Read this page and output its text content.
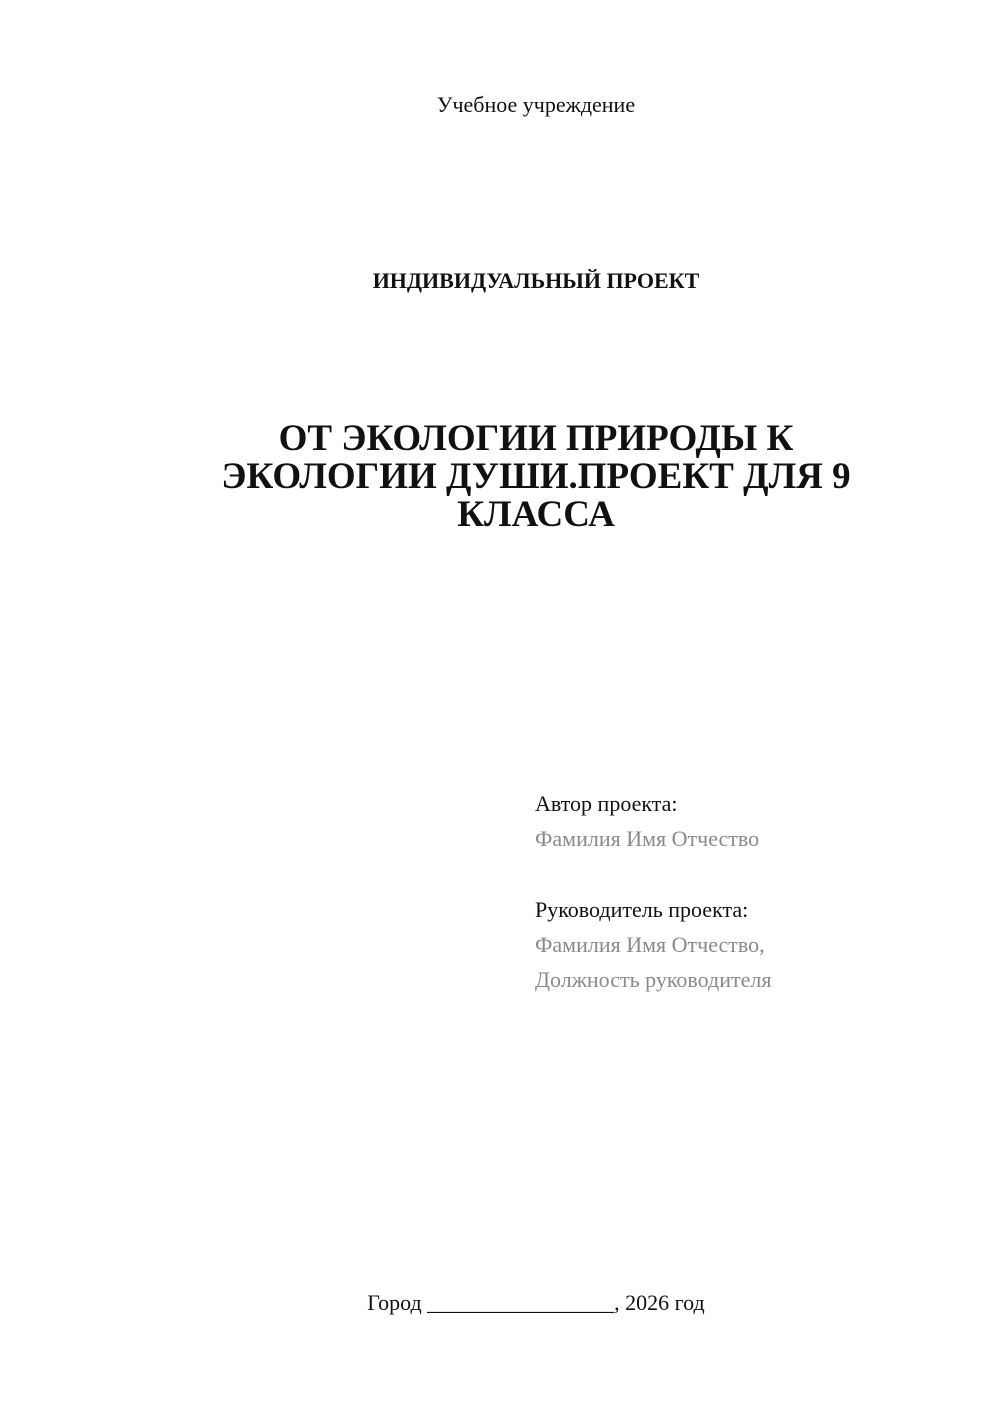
Учебное учреждение
ИНДИВИДУАЛЬНЫЙ ПРОЕКТ
ОТ ЭКОЛОГИИ ПРИРОДЫ К
ЭКОЛОГИИ ДУШИ.ПРОЕКТ ДЛЯ 9
КЛАССА
Автор проекта:
Фамилия Имя Отчество
Руководитель проекта:
Фамилия Имя Отчество,
Должность руководителя
Город _________________, 2026 год
